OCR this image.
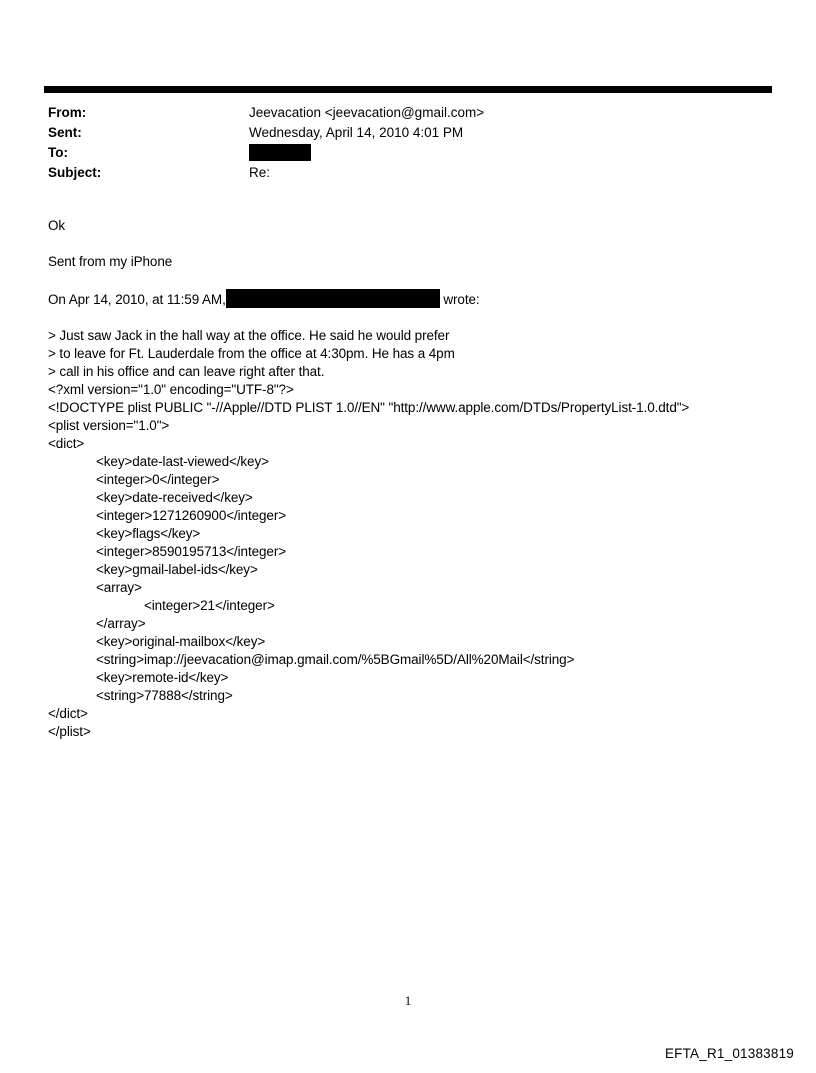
From:	Jeevacation <jeevacation@gmail.com>
Sent:	Wednesday, April 14, 2010 4:01 PM
To:
Subject:	Re:
Ok
Sent from my iPhone
On Apr 14, 2010, at 11:59 AM,	wrote:
> Just saw Jack in the hall way at the office. He said he would prefer
> to leave for Ft. Lauderdale from the office at 4:30pm. He has a 4pm
> call in his office and can leave right after that.
<?xml version="1.0" encoding="UTF-8"?>
<!DOCTYPE plist PUBLIC "-//Apple//DTD PLIST 1.0//EN" "http://www.apple.com/DTDs/PropertyList-1.0.dtd">
<plist version="1.0">
<dict>
<key>date-last-viewed</key>
<integer>0</integer>
<key>date-received</key>
<integer>1271260900</integer>
<key>flags</key>
<integer>8590195713</integer>
<key>gmail-label-ids</key>
<array>
<integer>21</integer>
</array>
<key>original-mailbox</key>
<string>imap://jeevacation@imap.gmail.com/%5BGmail%5D/All%20Mail</string>
<key>remote-id</key>
<string>77888</string>
</dict>
</plist>
1
EFTA_R1_01383819
